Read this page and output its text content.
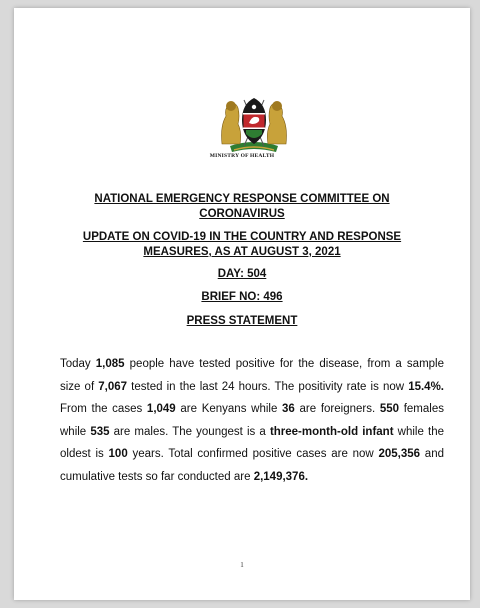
MINISTRY OF HEALTH
NATIONAL EMERGENCY RESPONSE COMMITTEE ON
CORONAVIRUS
UPDATE ON COVID-19 IN THE COUNTRY AND RESPONSE
MEASURES, AS AT AUGUST 3, 2021
DAY: 504
BRIEF NO: 496
PRESS STATEMENT
Today 1,085 people have tested positive for the disease, from a sample size of 7,067 tested in the last 24 hours. The positivity rate is now 15.4%. From the cases 1,049 are Kenyans while 36 are foreigners. 550 females while 535 are males. The youngest is a three-month-old infant while the oldest is 100 years. Total confirmed positive cases are now 205,356 and cumulative tests so far conducted are 2,149,376.
1
